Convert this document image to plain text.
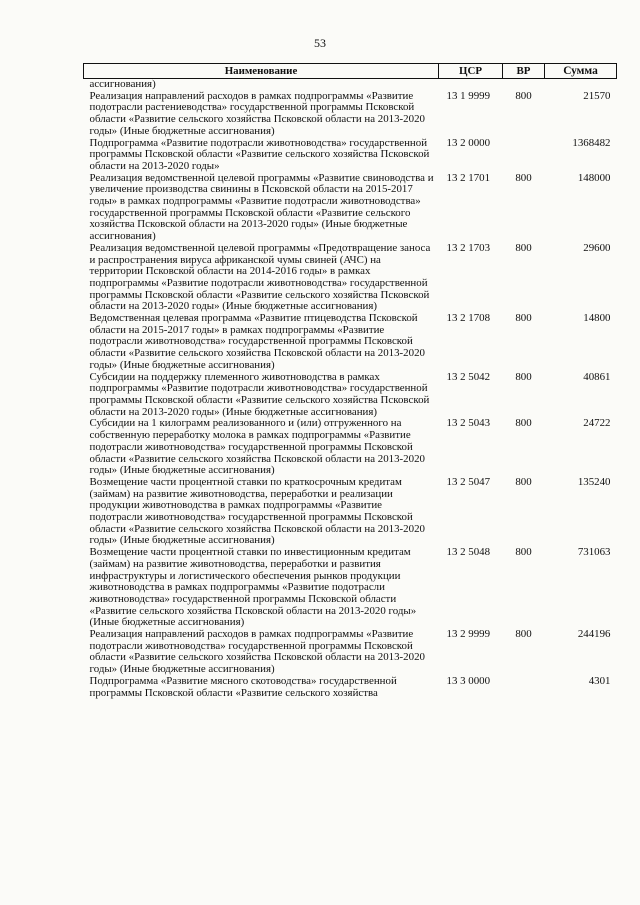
53
Наименование	ЦСР	ВР	Сумма
ассигнования)			
Реализация направлений расходов в рамках подпрограммы «Развитие подотрасли растениеводства» государственной программы Псковской области «Развитие сельского хозяйства Псковской области на 2013-2020 годы» (Иные бюджетные ассигнования)	13 1 9999	800	21570
Подпрограмма «Развитие подотрасли животноводства» государственной программы Псковской области «Развитие сельского хозяйства Псковской области на 2013-2020 годы»	13 2 0000		1368482
Реализация ведомственной целевой программы «Развитие свиноводства и увеличение производства свинины в Псковской области на 2015-2017 годы» в рамках подпрограммы «Развитие подотрасли животноводства» государственной программы Псковской области «Развитие сельского хозяйства Псковской области на 2013-2020 годы» (Иные бюджетные ассигнования)	13 2 1701	800	148000
Реализация ведомственной целевой программы «Предотвращение заноса и распространения вируса африканской чумы свиней (АЧС) на территории Псковской области на 2014-2016 годы» в рамках подпрограммы «Развитие подотрасли животноводства» государственной программы Псковской области «Развитие сельского хозяйства Псковской области на 2013-2020 годы» (Иные бюджетные ассигнования)	13 2 1703	800	29600
Ведомственная целевая программа «Развитие птицеводства Псковской области на 2015-2017 годы» в рамках подпрограммы «Развитие подотрасли животноводства» государственной программы Псковской области «Развитие сельского хозяйства Псковской области на 2013-2020 годы» (Иные бюджетные ассигнования)	13 2 1708	800	14800
Субсидии на поддержку племенного животноводства в рамках подпрограммы «Развитие подотрасли животноводства» государственной программы Псковской области «Развитие сельского хозяйства Псковской области на 2013-2020 годы» (Иные бюджетные ассигнования)	13 2 5042	800	40861
Субсидии на 1 килограмм реализованного и (или) отгруженного на собственную переработку молока в рамках подпрограммы «Развитие подотрасли животноводства» государственной программы Псковской области «Развитие сельского хозяйства Псковской области на 2013-2020 годы» (Иные бюджетные ассигнования)	13 2 5043	800	24722
Возмещение части процентной ставки по краткосрочным кредитам (займам) на развитие животноводства, переработки и реализации продукции животноводства в рамках подпрограммы «Развитие подотрасли животноводства» государственной программы Псковской области «Развитие сельского хозяйства Псковской области на 2013-2020 годы» (Иные бюджетные ассигнования)	13 2 5047	800	135240
Возмещение части процентной ставки по инвестиционным кредитам (займам) на развитие животноводства, переработки и развития инфраструктуры и логистического обеспечения рынков продукции животноводства в рамках подпрограммы «Развитие подотрасли животноводства» государственной программы Псковской области «Развитие сельского хозяйства Псковской области на 2013-2020 годы» (Иные бюджетные ассигнования)	13 2 5048	800	731063
Реализация направлений расходов в рамках подпрограммы «Развитие подотрасли животноводства» государственной программы Псковской области «Развитие сельского хозяйства Псковской области на 2013-2020 годы» (Иные бюджетные ассигнования)	13 2 9999	800	244196
Подпрограмма «Развитие мясного скотоводства» государственной программы Псковской области «Развитие сельского хозяйства	13 3 0000		4301
